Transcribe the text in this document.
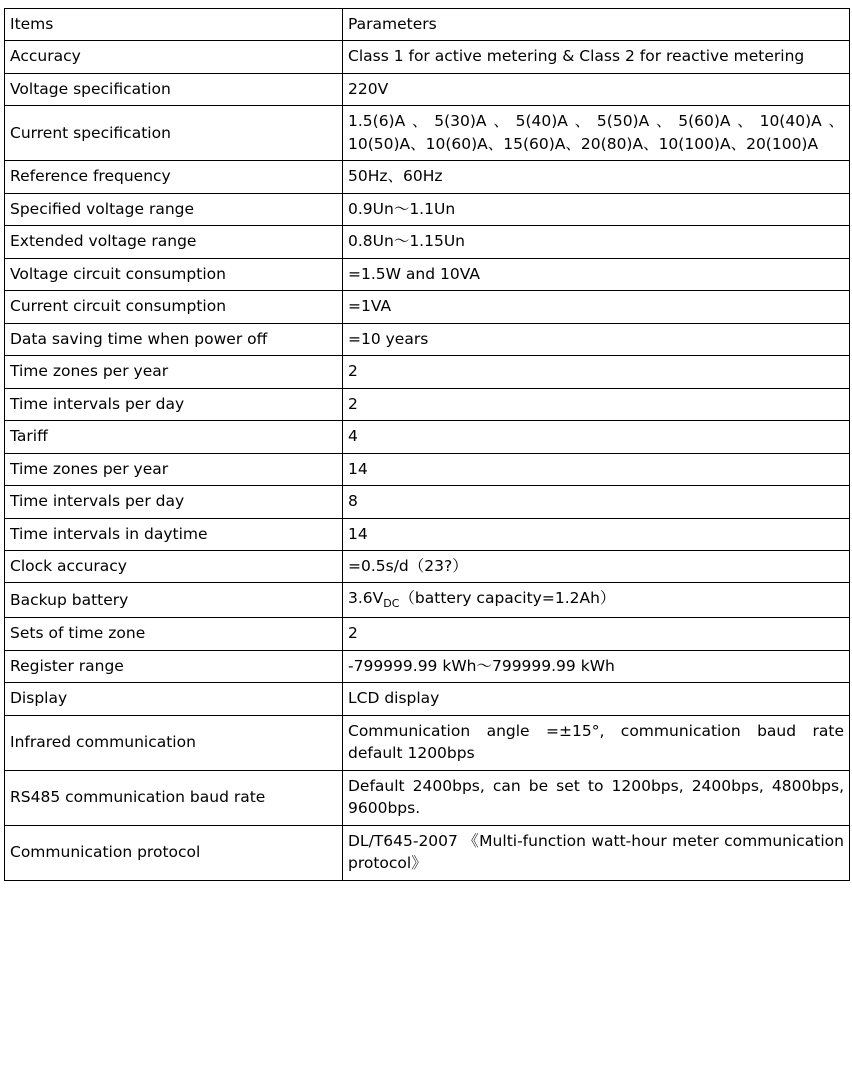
Items	Parameters
Accuracy	Class 1 for active metering & Class 2 for reactive metering
Voltage specification	220V
Current specification	1.5(6)A、5(30)A、5(40)A、5(50)A、5(60)A、10(40)A、10(50)A、10(60)A、15(60)A、20(80)A、10(100)A、20(100)A
Reference frequency	50Hz、60Hz
Specified voltage range	0.9Un～1.1Un
Extended voltage range	0.8Un～1.15Un
Voltage circuit consumption	=1.5W and 10VA
Current circuit consumption	=1VA
Data saving time when power off	=10 years
Time zones per year	2
Time intervals per day	2
Tariff	4
Time zones per year	14
Time intervals per day	8
Time intervals in daytime	14
Clock accuracy	=0.5s/d（23?）
Backup battery	$3.6V_{DC}(battery$ capacity=1.2Ah）
Sets of time zone	2
Register range	-799999.99 kWh～799999.99 kWh
Display	LCD display
Infrared communication	Communication angle =±15°, communication baud rate default 1200bps
RS485 communication baud rate	Default 2400bps, can be set to 1200bps, 2400bps, 4800bps, 9600bps.
Communication protocol	DL/T645-2007 《Multi-function watt-hour meter communication protocol》
